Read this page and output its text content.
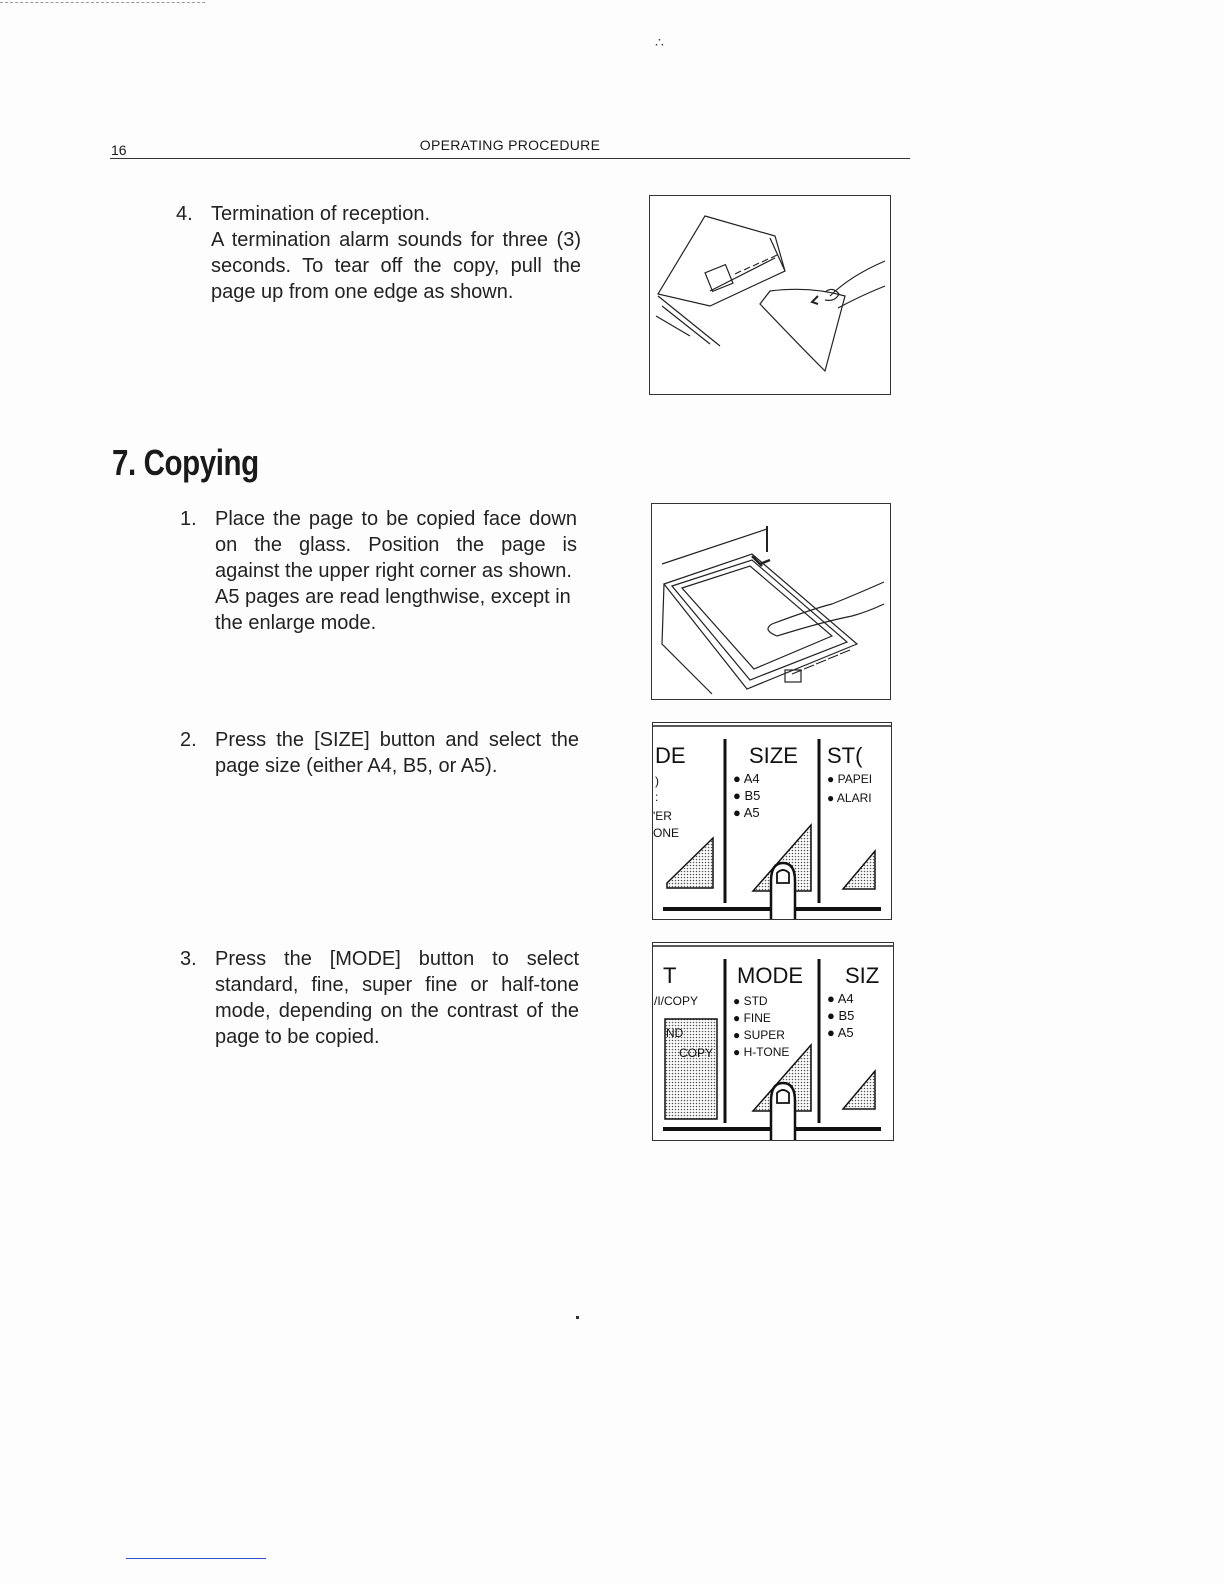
∴
16	OPERATING PROCEDURE
4. Termination of reception.

A termination alarm sounds for three (3) seconds. To tear off the copy, pull the page up from one edge as shown.

7. Copying
1. Place the page to be copied face down on the glass. Position the page is against the upper right corner as shown.

A5 pages are read lengthwise, except in the enlarge mode.

2. Press the [SIZE] button and select the page size (either A4, B5, or A5).	DE	SIZE ST(
)
:
'ER
ONE
● A4
● B5
● A5
● PAPEI
● ALARI
3. Press the [MODE] button to select standard, fine, super fine or half-tone mode, depending on the contrast of the page to be copied.

T	MODE SIZ
/I/COPY
ND
COPY
● STD
● FINE
● SUPER
● H-TONE
● A4
● B5
● A5
